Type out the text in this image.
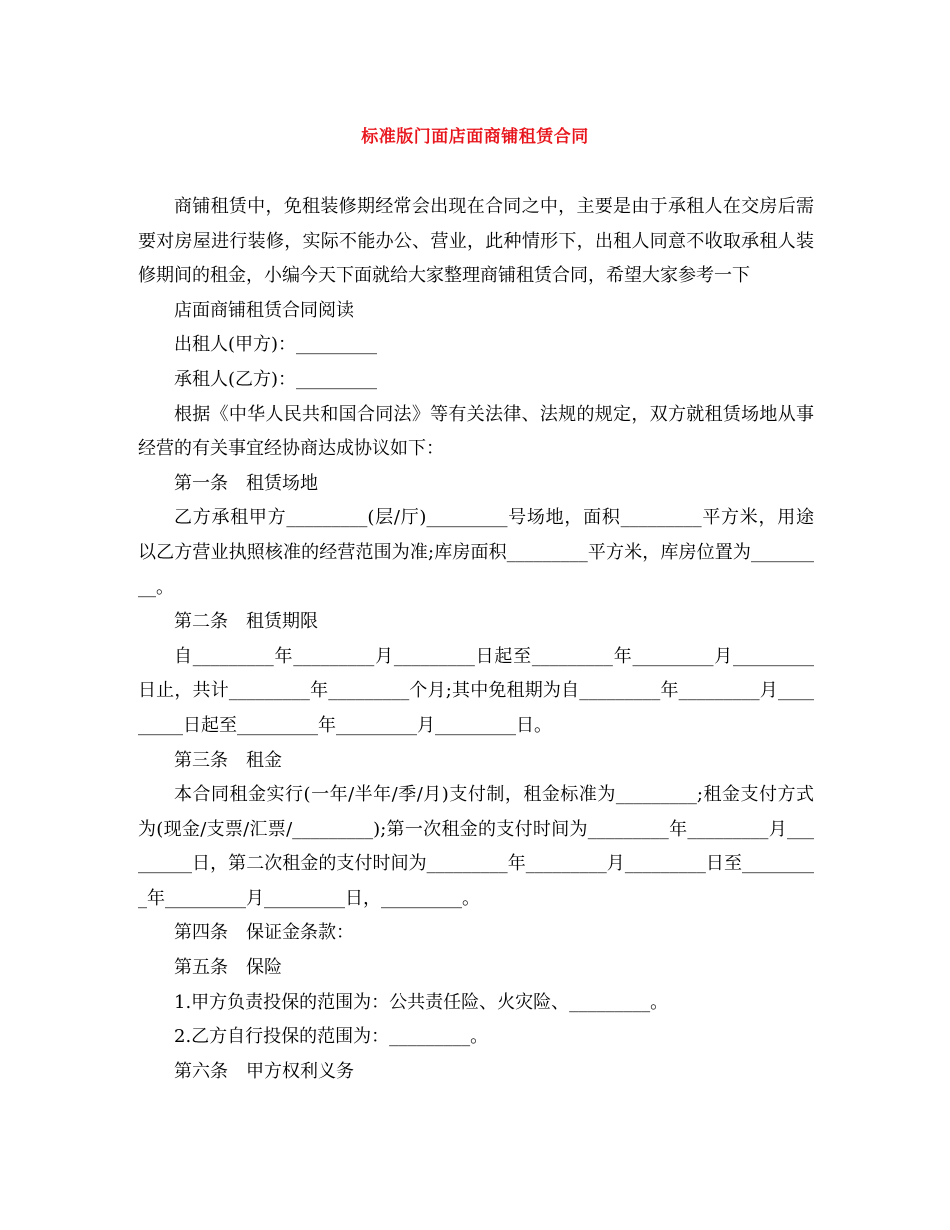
标准版门面店面商铺租赁合同

商铺租赁中，免租装修期经常会出现在合同之中，主要是由于承租人在交房后需要对房屋进行装修，实际不能办公、营业，此种情形下，出租人同意不收取承租人装修期间的租金，小编今天下面就给大家整理商铺租赁合同，希望大家参考一下

店面商铺租赁合同阅读

出租人(甲方)：_________

承租人(乙方)：_________

根据《中华人民共和国合同法》等有关法律、法规的规定，双方就租赁场地从事经营的有关事宜经协商达成协议如下：

第一条　租赁场地

乙方承租甲方_________(层/厅)_________号场地，面积_________平方米，用途以乙方营业执照核准的经营范围为准;库房面积_________平方米，库房位置为_________。

第二条　租赁期限

自_________年_________月_________日起至_________年_________月_________日止，共计_________年_________个月;其中免租期为自_________年_________月_________日起至_________年_________月_________日。

第三条　租金

本合同租金实行(一年/半年/季/月)支付制，租金标准为_________;租金支付方式为(现金/支票/汇票/_________);第一次租金的支付时间为_________年_________月_________日，第二次租金的支付时间为_________年_________月_________日至_________年_________月_________日，_________。

第四条　保证金条款：

第五条　保险

1.甲方负责投保的范围为：公共责任险、火灾险、_________。

2.乙方自行投保的范围为：_________。

第六条　甲方权利义务
